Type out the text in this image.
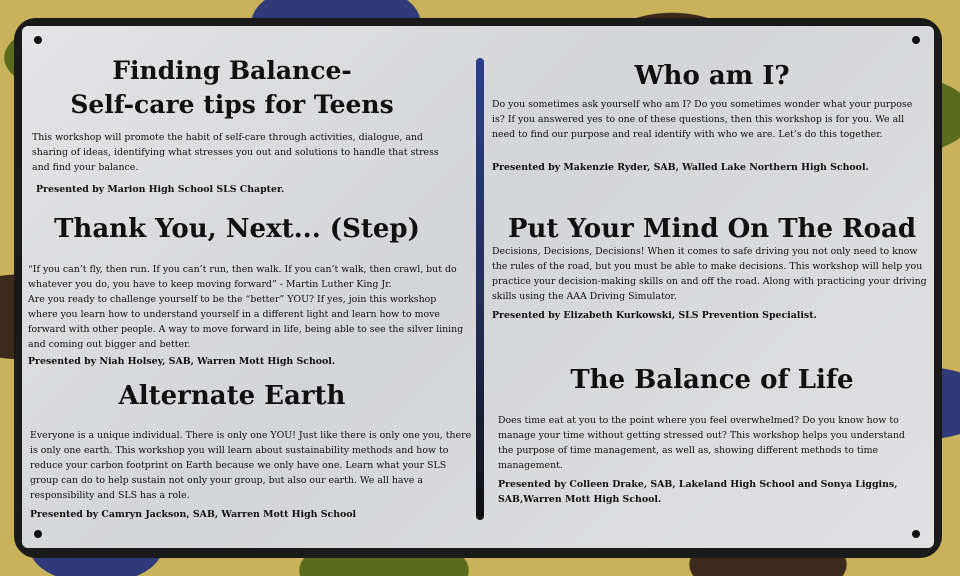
Finding Balance-
Self-care tips for Teens

This workshop will promote the habit of self-care through activities, dialogue, and sharing of ideas, identifying what stresses you out and solutions to handle that stress and find your balance.

Presented by Marion High School SLS Chapter.

Thank You, Next... (Step)

“If you can’t fly, then run. If you can’t run, then walk. If you can’t walk, then crawl, but do whatever you do, you have to keep moving forward” - Martin Luther King Jr.

Are you ready to challenge yourself to be the “better” YOU? If yes, join this workshop where you learn how to understand yourself in a different light and learn how to move forward with other people. A way to move forward in life, being able to see the silver lining and coming out bigger and better.

Presented by Niah Holsey, SAB, Warren Mott High School.

Alternate Earth

Everyone is a unique individual. There is only one YOU! Just like there is only one you, there is only one earth. This workshop you will learn about sustainability methods and how to reduce your carbon footprint on Earth because we only have one. Learn what your SLS group can do to help sustain not only your group, but also our earth. We all have a responsibility and SLS has a role.

Presented by Camryn Jackson, SAB, Warren Mott High School

Who am I?

Do you sometimes ask yourself who am I? Do you sometimes wonder what your purpose is? If you answered yes to one of these questions, then this workshop is for you. We all need to find our purpose and real identify with who we are. Let’s do this together.

Presented by Makenzie Ryder, SAB, Walled Lake Northern High School.

Put Your Mind On The Road

Decisions, Decisions, Decisions! When it comes to safe driving you not only need to know the rules of the road, but you must be able to make decisions. This workshop will help you practice your decision-making skills on and off the road. Along with practicing your driving skills using the AAA Driving Simulator.

Presented by Elizabeth Kurkowski, SLS Prevention Specialist.

The Balance of Life

Does time eat at you to the point where you feel overwhelmed? Do you know how to manage your time without getting stressed out? This workshop helps you understand the purpose of time management, as well as, showing different methods to time management.

Presented by Colleen Drake, SAB, Lakeland High School and Sonya Liggins, SAB,Warren Mott High School.
